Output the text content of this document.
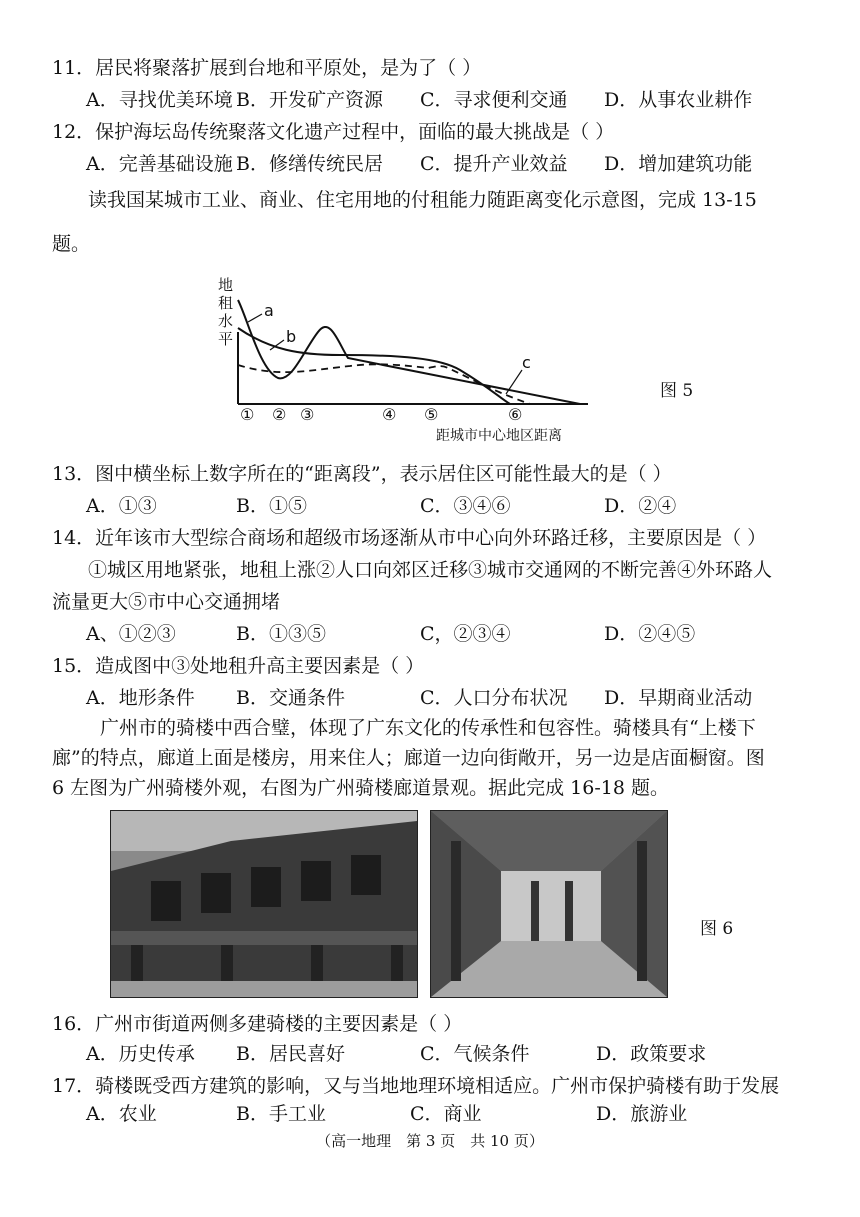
11．居民将聚落扩展到台地和平原处，是为了（ ）
A．寻找优美环境 B．开发矿产资源 C．寻求便利交通 D．从事农业耕作
12．保护海坛岛传统聚落文化遗产过程中，面临的最大挑战是（ ）
A．完善基础设施 B．修缮传统民居 C．提升产业效益 D．增加建筑功能
读我国某城市工业、商业、住宅用地的付租能力随距离变化示意图，完成 13-15
题。
地
租
水
平
a
b
c
① ② ③	④ ⑤	⑥
距城市中心地区距离
图 5
13．图中横坐标上数字所在的“距离段”，表示居住区可能性最大的是（ ）
A．①③	B．①⑤	C．③④⑥	D．②④
14．近年该市大型综合商场和超级市场逐渐从市中心向外环路迁移，主要原因是（ ）
①城区用地紧张，地租上涨②人口向郊区迁移③城市交通网的不断完善④外环路人
流量更大⑤市中心交通拥堵
A、①②③	B．①③⑤	C，②③④	D．②④⑤
15．造成图中③处地租升高主要因素是（ ）
A．地形条件 B．交通条件	C．人口分布状况 D．早期商业活动
广州市的骑楼中西合璧，体现了广东文化的传承性和包容性。骑楼具有“上楼下
廊”的特点，廊道上面是楼房，用来住人；廊道一边向街敞开，另一边是店面橱窗。图
6 左图为广州骑楼外观，右图为广州骑楼廊道景观。据此完成 16-18 题。
图 6
16．广州市街道两侧多建骑楼的主要因素是（ ）
A．历史传承 B．居民喜好	C．气候条件	D．政策要求
17．骑楼既受西方建筑的影响，又与当地地理环境相适应。广州市保护骑楼有助于发展
A．农业	B．手工业	C．商业	D．旅游业
（高一地理　第 3 页　共 10 页）
